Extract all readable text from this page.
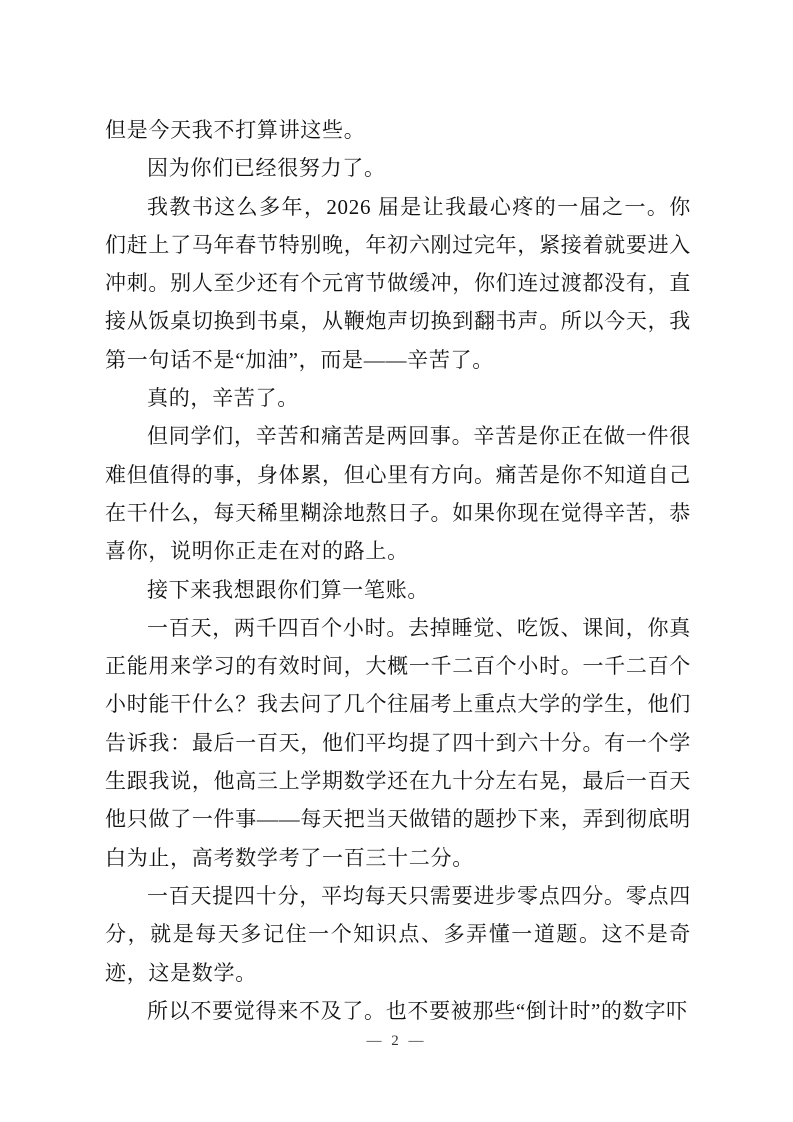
但是今天我不打算讲这些。

因为你们已经很努力了。

我教书这么多年，2026 届是让我最心疼的一届之一。你们赶上了马年春节特别晚，年初六刚过完年，紧接着就要进入冲刺。别人至少还有个元宵节做缓冲，你们连过渡都没有，直接从饭桌切换到书桌，从鞭炮声切换到翻书声。所以今天，我第一句话不是“加油”，而是——辛苦了。

真的，辛苦了。

但同学们，辛苦和痛苦是两回事。辛苦是你正在做一件很难但值得的事，身体累，但心里有方向。痛苦是你不知道自己在干什么，每天稀里糊涂地熬日子。如果你现在觉得辛苦，恭喜你，说明你正走在对的路上。

接下来我想跟你们算一笔账。

一百天，两千四百个小时。去掉睡觉、吃饭、课间，你真正能用来学习的有效时间，大概一千二百个小时。一千二百个小时能干什么？我去问了几个往届考上重点大学的学生，他们告诉我：最后一百天，他们平均提了四十到六十分。有一个学生跟我说，他高三上学期数学还在九十分左右晃，最后一百天他只做了一件事——每天把当天做错的题抄下来，弄到彻底明白为止，高考数学考了一百三十二分。

一百天提四十分，平均每天只需要进步零点四分。零点四分，就是每天多记住一个知识点、多弄懂一道题。这不是奇迹，这是数学。

所以不要觉得来不及了。也不要被那些“倒计时”的数字吓

— 2 —
